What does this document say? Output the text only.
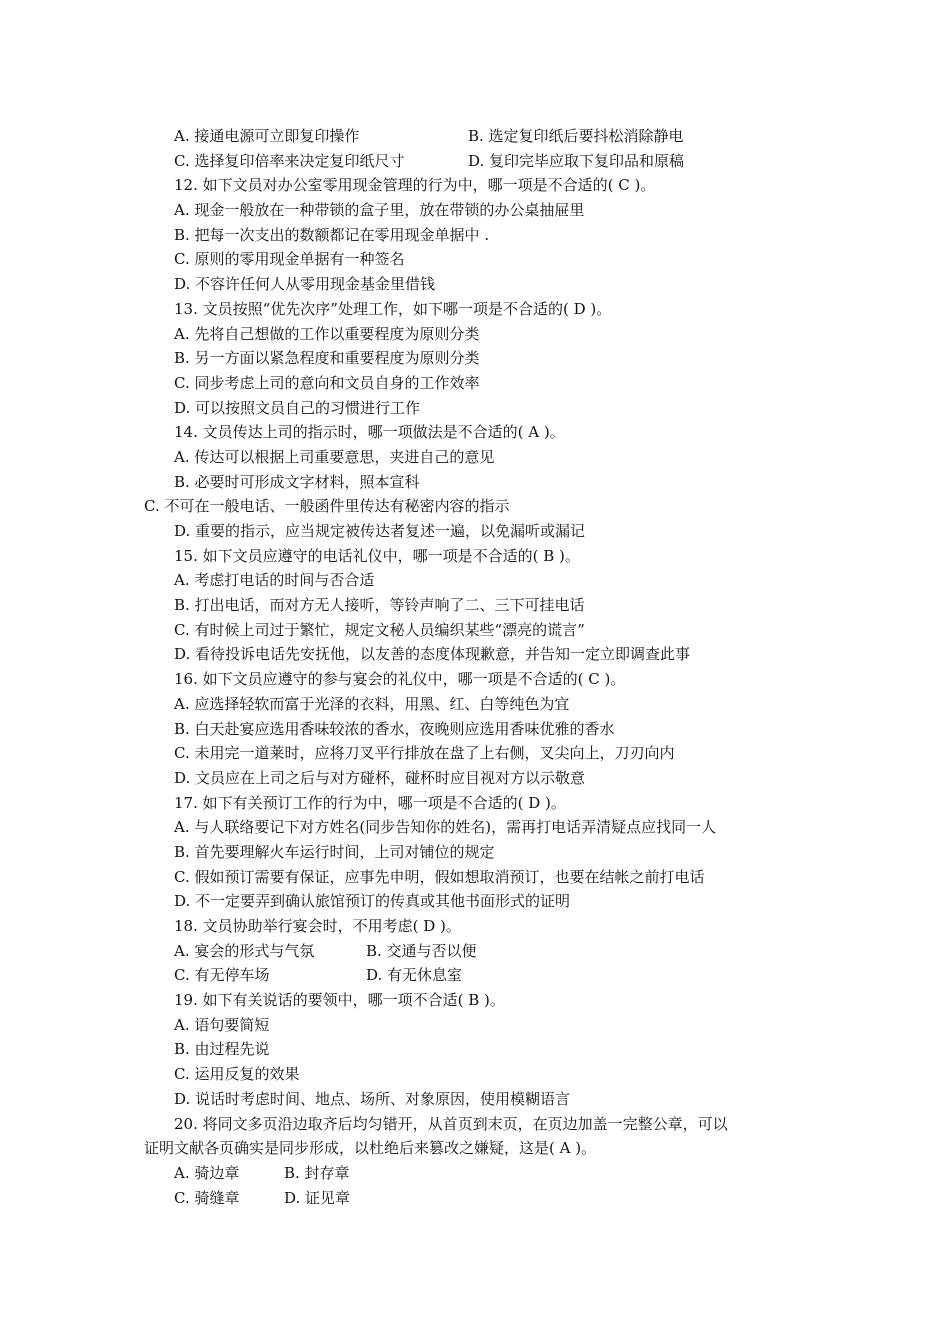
A. 接通电源可立即复印操作	B. 选定复印纸后要抖松消除静电
C. 选择复印倍率来决定复印纸尺寸	D. 复印完毕应取下复印品和原稿
12. 如下文员对办公室零用现金管理的行为中，哪一项是不合适的( C )。
A. 现金一般放在一种带锁的盒子里，放在带锁的办公桌抽屉里
B. 把每一次支出的数额都记在零用现金单据中 .
C. 原则的零用现金单据有一种签名
D. 不容许任何人从零用现金基金里借钱
13. 文员按照“优先次序”处理工作，如下哪一项是不合适的( D )。
A. 先将自己想做的工作以重要程度为原则分类
B. 另一方面以紧急程度和重要程度为原则分类
C. 同步考虑上司的意向和文员自身的工作效率
D. 可以按照文员自己的习惯进行工作
14. 文员传达上司的指示时，哪一项做法是不合适的( A )。
A. 传达可以根据上司重要意思，夹进自己的意见
B. 必要时可形成文字材料，照本宣科
C. 不可在一般电话、一般函件里传达有秘密内容的指示
D. 重要的指示，应当规定被传达者复述一遍，以免漏听或漏记
15. 如下文员应遵守的电话礼仪中，哪一项是不合适的( B )。
A. 考虑打电话的时间与否合适
B. 打出电话，而对方无人接听，等铃声响了二、三下可挂电话
C. 有时候上司过于繁忙，规定文秘人员编织某些“漂亮的谎言”
D. 看待投诉电话先安抚他，以友善的态度体现歉意，并告知一定立即调查此事
16. 如下文员应遵守的参与宴会的礼仪中，哪一项是不合适的( C )。
A. 应选择轻软而富于光泽的衣料，用黑、红、白等纯色为宜
B. 白天赴宴应选用香味较浓的香水，夜晚则应选用香味优雅的香水
C. 未用完一道莱时，应将刀叉平行排放在盘了上右侧，叉尖向上，刀刃向内
D. 文员应在上司之后与对方碰杯，碰杯时应目视对方以示敬意
17. 如下有关预订工作的行为中，哪一项是不合适的( D )。
A. 与人联络要记下对方姓名(同步告知你的姓名)，需再打电话弄清疑点应找同一人
B. 首先要理解火车运行时间，上司对铺位的规定
C. 假如预订需要有保证，应事先申明，假如想取消预订，也要在结帐之前打电话
D. 不一定要弄到确认旅馆预订的传真或其他书面形式的证明
18. 文员协助举行宴会时，不用考虑( D )。
A. 宴会的形式与气氛	B. 交通与否以便
C. 有无停车场	D. 有无休息室
19. 如下有关说话的要领中，哪一项不合适( B )。
A. 语句要简短
B. 由过程先说
C. 运用反复的效果
D. 说话时考虑时间、地点、场所、对象原因，使用模糊语言
20. 将同文多页沿边取齐后均匀错开，从首页到末页，在页边加盖一完整公章，可以
证明文献各页确实是同步形成，以杜绝后来篡改之嫌疑，这是( A )。
A. 骑边章	B. 封存章
C. 骑缝章	D. 证见章
